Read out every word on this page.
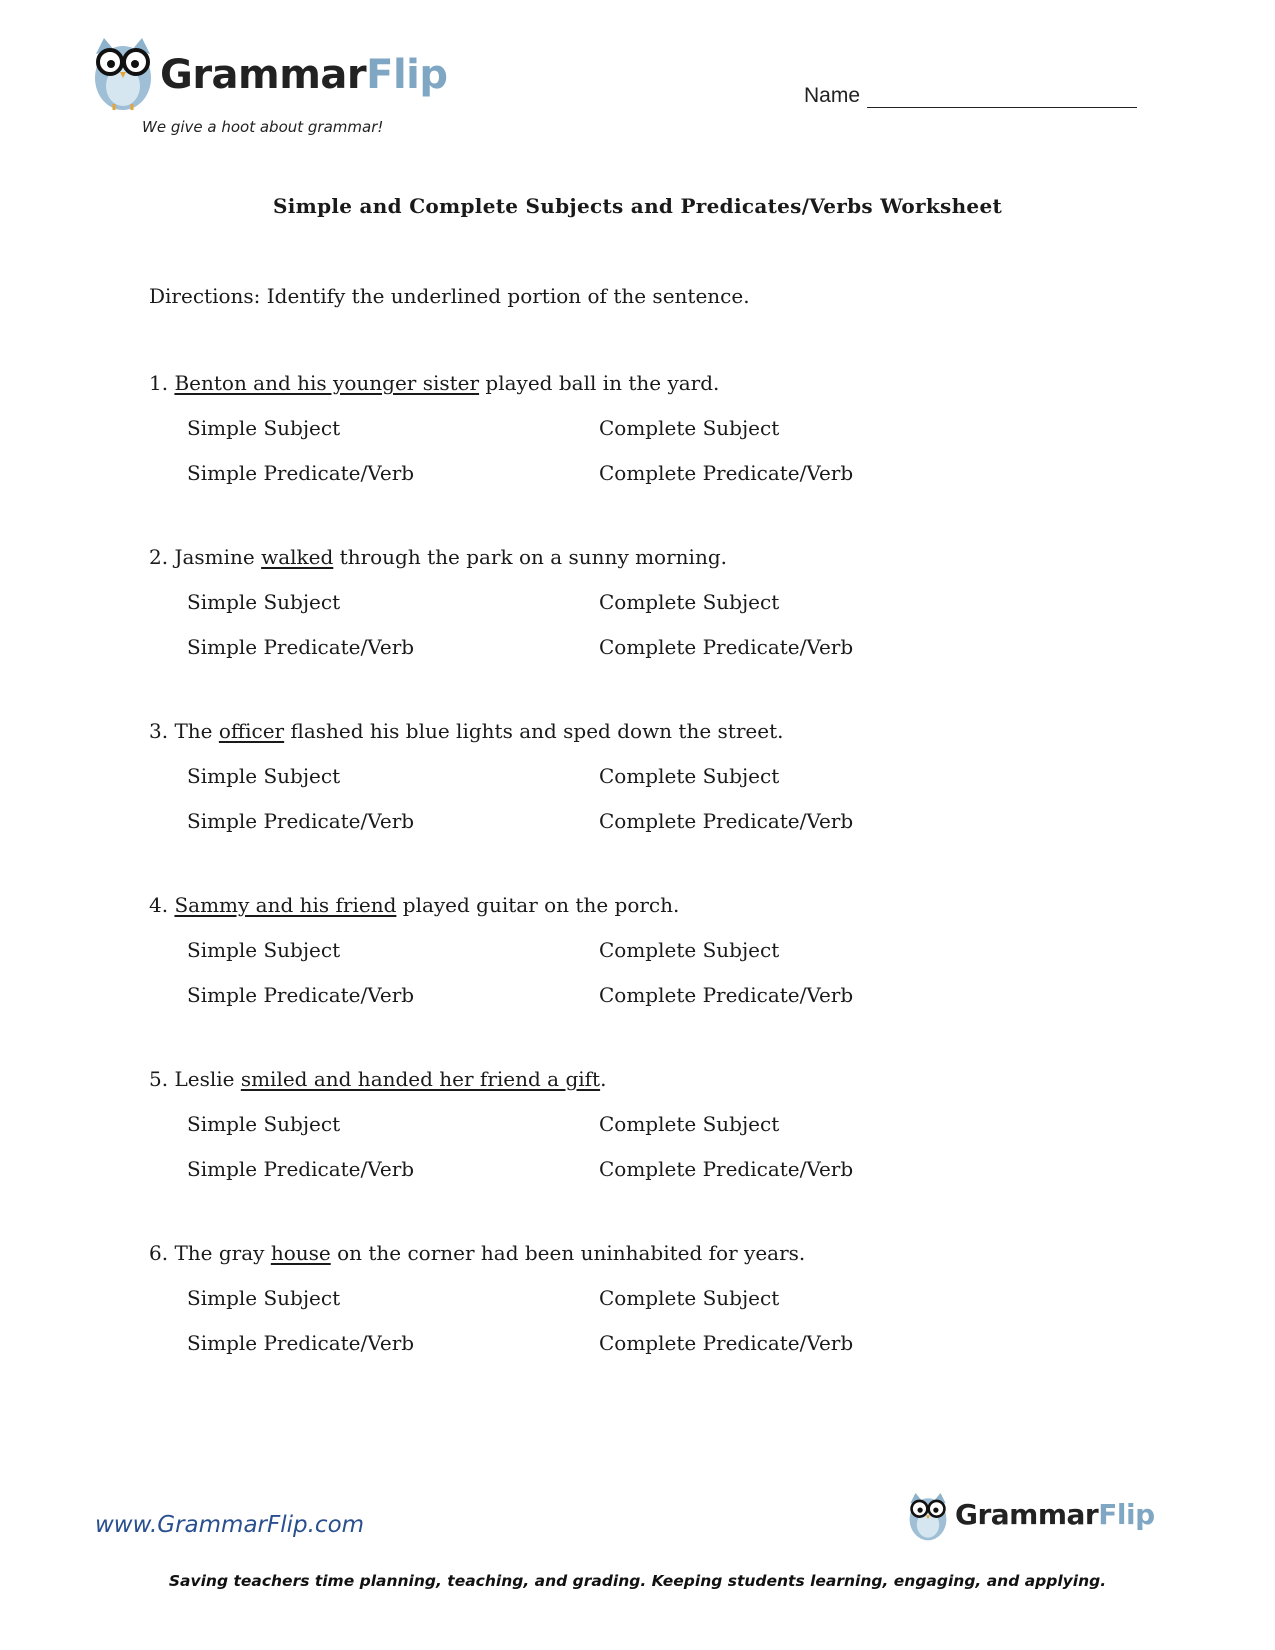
GrammarFlip
We give a hoot about grammar!
Name
Simple and Complete Subjects and Predicates/Verbs Worksheet
Directions: Identify the underlined portion of the sentence.
1. Benton and his younger sister played ball in the yard.
Simple Subject	Complete Subject
Simple Predicate/Verb	Complete Predicate/Verb
2. Jasmine walked through the park on a sunny morning.
Simple Subject	Complete Subject
Simple Predicate/Verb	Complete Predicate/Verb
3. The officer flashed his blue lights and sped down the street.
Simple Subject	Complete Subject
Simple Predicate/Verb	Complete Predicate/Verb
4. Sammy and his friend played guitar on the porch.
Simple Subject	Complete Subject
Simple Predicate/Verb	Complete Predicate/Verb
5. Leslie smiled and handed her friend a gift.
Simple Subject	Complete Subject
Simple Predicate/Verb	Complete Predicate/Verb
6. The gray house on the corner had been uninhabited for years.
Simple Subject	Complete Subject
Simple Predicate/Verb	Complete Predicate/Verb
www.GrammarFlip.com	GrammarFlip
Saving teachers time planning, teaching, and grading. Keeping students learning, engaging, and applying.
